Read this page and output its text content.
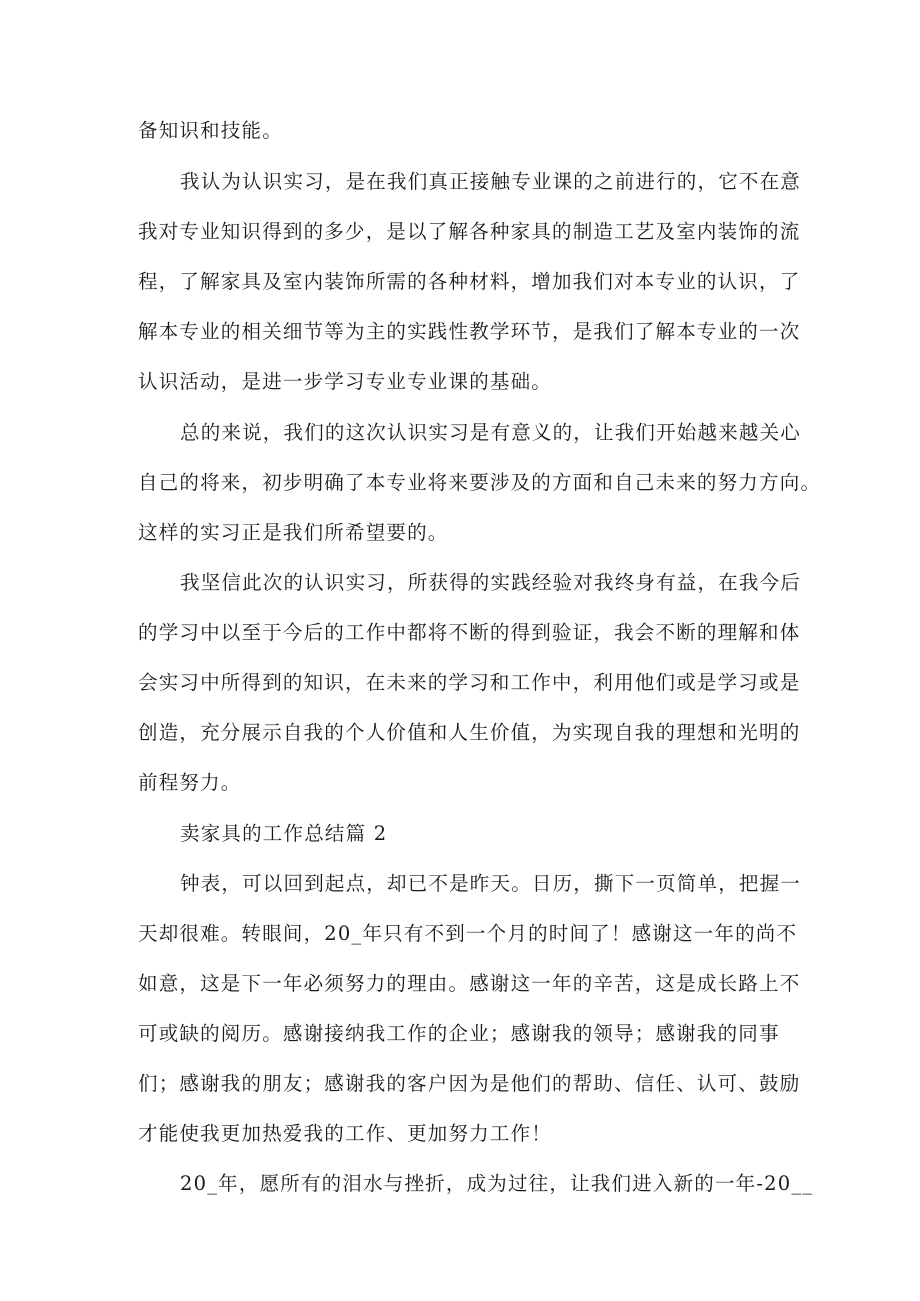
备知识和技能。
我认为认识实习，是在我们真正接触专业课的之前进行的，它不在意
我对专业知识得到的多少，是以了解各种家具的制造工艺及室内装饰的流
程，了解家具及室内装饰所需的各种材料，增加我们对本专业的认识，了
解本专业的相关细节等为主的实践性教学环节，是我们了解本专业的一次
认识活动，是进一步学习专业专业课的基础。
总的来说，我们的这次认识实习是有意义的，让我们开始越来越关心
自己的将来，初步明确了本专业将来要涉及的方面和自己未来的努力方向。
这样的实习正是我们所希望要的。
我坚信此次的认识实习，所获得的实践经验对我终身有益，在我今后
的学习中以至于今后的工作中都将不断的得到验证，我会不断的理解和体
会实习中所得到的知识，在未来的学习和工作中，利用他们或是学习或是
创造，充分展示自我的个人价值和人生价值，为实现自我的理想和光明的
前程努力。
卖家具的工作总结篇 2
钟表，可以回到起点，却已不是昨天。日历，撕下一页简单，把握一
天却很难。转眼间，20_年只有不到一个月的时间了！感谢这一年的尚不
如意，这是下一年必须努力的理由。感谢这一年的辛苦，这是成长路上不
可或缺的阅历。感谢接纳我工作的企业；感谢我的领导；感谢我的同事
们；感谢我的朋友；感谢我的客户因为是他们的帮助、信任、认可、鼓励
才能使我更加热爱我的工作、更加努力工作！
20_年，愿所有的泪水与挫折，成为过往，让我们进入新的一年-20__
